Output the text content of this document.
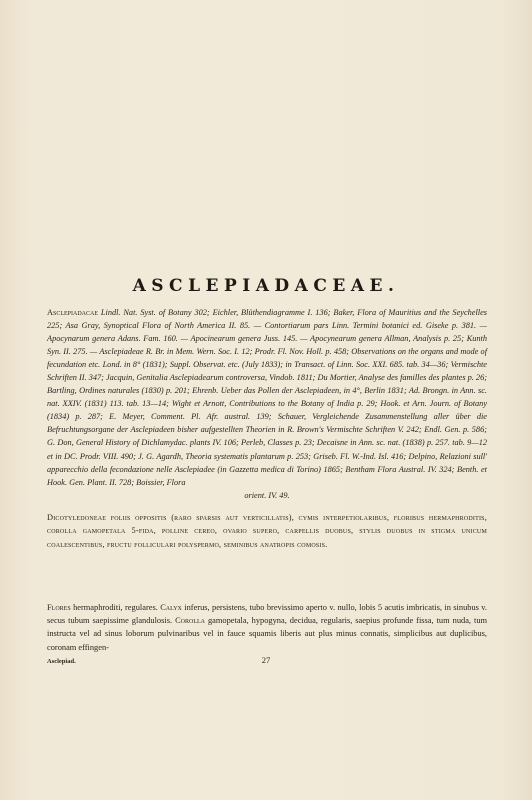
ASCLEPIADACEAE.
Asclepiadacae Lindl. Nat. Syst. of Botany 302; Eichler, Blüthendiagramme I. 136; Baker, Flora of Mauritius and the Seychelles 225; Asa Gray, Synoptical Flora of North America II. 85. — Contortiarum pars Linn. Termini botanici ed. Giseke p. 381. — Apocynarum genera Adans. Fam. 160. — Apocinearum genera Juss. 145. — Apocynearum genera Allman, Analysis p. 25; Kunth Syn. II. 275. — Asclepiadeae R. Br. in Mem. Wern. Soc. I. 12; Prodr. Fl. Nov. Holl. p. 458; Observations on the organs and mode of fecundation etc. Lond. in 8° (1831); Suppl. Observat. etc. (July 1833); in Transact. of Linn. Soc. XXI. 685. tab. 34—36; Vermischte Schriften II. 347; Jacquin, Genitalia Asclepiadearum controversa, Vindob. 1811; Du Mortier, Analyse des familles des plantes p. 26; Bartling, Ordines naturales (1830) p. 201; Ehrenb. Ueber das Pollen der Asclepiadeen, in 4°, Berlin 1831; Ad. Brongn. in Ann. sc. nat. XXIV. (1831) 113. tab. 13—14; Wight et Arnott, Contributions to the Botany of India p. 29; Hook. et Arn. Journ. of Botany (1834) p. 287; E. Meyer, Comment. Pl. Afr. austral. 139; Schauer, Vergleichende Zusammenstellung aller über die Befruchtungsorgane der Asclepiadeen bisher aufgestellten Theorien in R. Brown's Vermischte Schriften V. 242; Endl. Gen. p. 586; G. Don, General History of Dichlamydac. plants IV. 106; Perleb, Classes p. 23; Decaisne in Ann. sc. nat. (1838) p. 257. tab. 9—12 et in DC. Prodr. VIII. 490; J. G. Agardh, Theoria systematis plantarum p. 253; Griseb. Fl. W.-Ind. Isl. 416; Delpino, Relazioni sull' apparecchio della fecondazione nelle Asclepiadee (in Gazzetta medica di Torino) 1865; Bentham Flora Austral. IV. 324; Benth. et Hook. Gen. Plant. II. 728; Boissier, Flora
orient. IV. 49.
Dicotyledoneae foliis oppositis (raro sparsis aut verticillatis), cymis interpetiolaribus, floribus hermaphroditis, corolla gamopetala 5-fida, polline cereo, ovario supero, carpellis duobus, stylis duobus in stigma unicum coalescentibus, fructu folliculari polyspermo, seminibus anatropis comosis.
Flores hermaphroditi, regulares. Calyx inferus, persistens, tubo brevissimo aperto v. nullo, lobis 5 acutis imbricatis, in sinubus v. secus tubum saepissime glandulosis. Corolla gamopetala, hypogyna, decidua, regularis, saepius profunde fissa, tum nuda, tum instructa vel ad sinus loborum pulvinaribus vel in fauce squamis liberis aut plus minus connatis, simplicibus aut duplicibus, coronam effingen-
Asclepiad.	27
